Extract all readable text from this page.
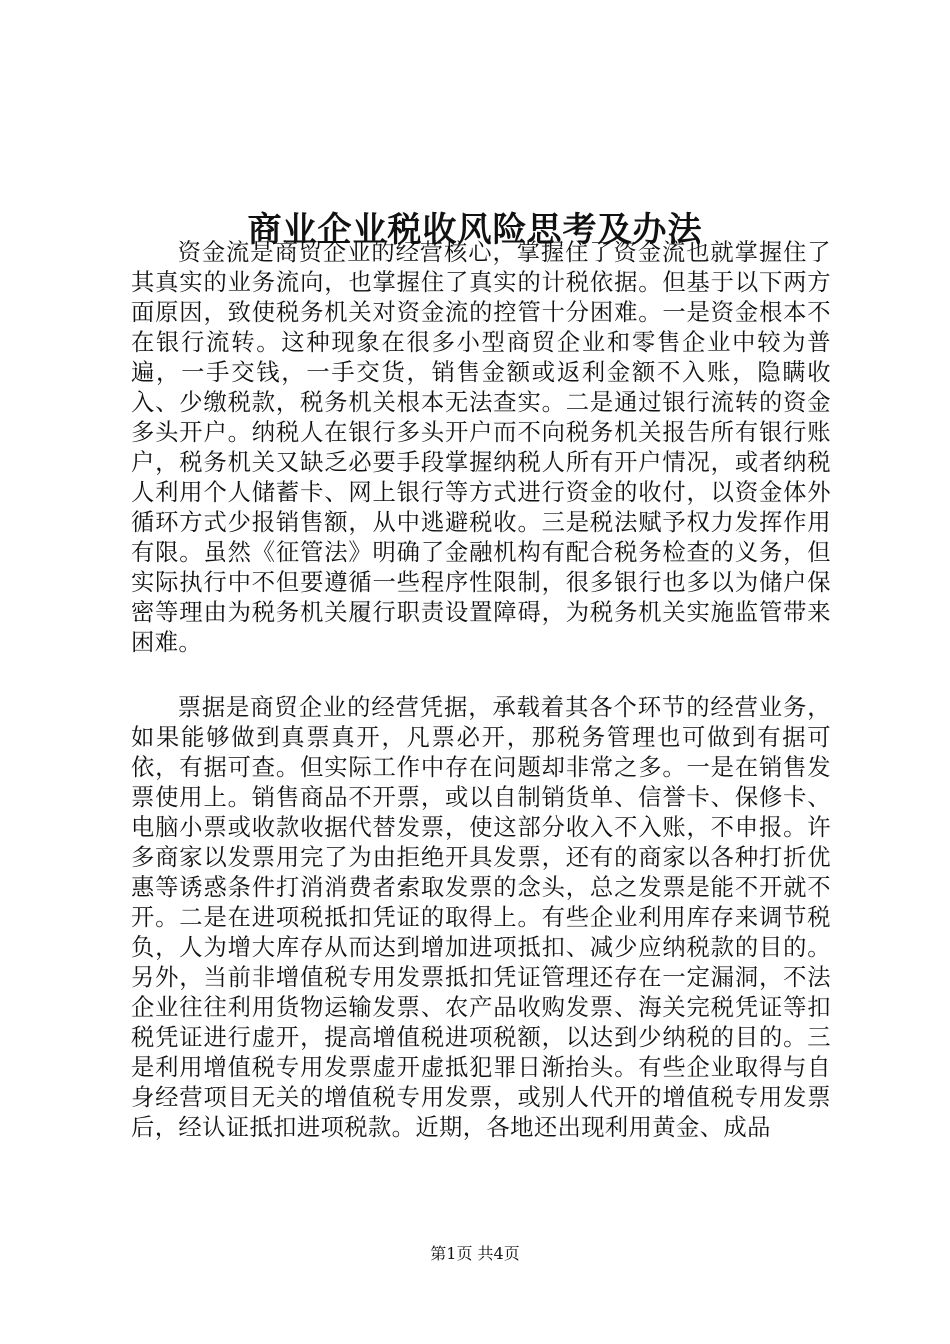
商业企业税收风险思考及办法

资金流是商贸企业的经营核心，掌握住了资金流也就掌握住了其真实的业务流向，也掌握住了真实的计税依据。但基于以下两方面原因，致使税务机关对资金流的控管十分困难。一是资金根本不在银行流转。这种现象在很多小型商贸企业和零售企业中较为普遍，一手交钱，一手交货，销售金额或返利金额不入账，隐瞒收入、少缴税款，税务机关根本无法查实。二是通过银行流转的资金多头开户。纳税人在银行多头开户而不向税务机关报告所有银行账户，税务机关又缺乏必要手段掌握纳税人所有开户情况，或者纳税人利用个人储蓄卡、网上银行等方式进行资金的收付，以资金体外循环方式少报销售额，从中逃避税收。三是税法赋予权力发挥作用有限。虽然《征管法》明确了金融机构有配合税务检查的义务，但实际执行中不但要遵循一些程序性限制，很多银行也多以为储户保密等理由为税务机关履行职责设置障碍，为税务机关实施监管带来困难。

票据是商贸企业的经营凭据，承载着其各个环节的经营业务，如果能够做到真票真开，凡票必开，那税务管理也可做到有据可依，有据可查。但实际工作中存在问题却非常之多。一是在销售发票使用上。销售商品不开票，或以自制销货单、信誉卡、保修卡、电脑小票或收款收据代替发票，使这部分收入不入账，不申报。许多商家以发票用完了为由拒绝开具发票，还有的商家以各种打折优惠等诱惑条件打消消费者索取发票的念头，总之发票是能不开就不开。二是在进项税抵扣凭证的取得上。有些企业利用库存来调节税负，人为增大库存从而达到增加进项抵扣、减少应纳税款的目的。另外，当前非增值税专用发票抵扣凭证管理还存在一定漏洞，不法企业往往利用货物运输发票、农产品收购发票、海关完税凭证等扣税凭证进行虚开，提高增值税进项税额，以达到少纳税的目的。三是利用增值税专用发票虚开虚抵犯罪日渐抬头。有些企业取得与自身经营项目无关的增值税专用发票，或别人代开的增值税专用发票后，经认证抵扣进项税款。近期，各地还出现利用黄金、成品

第1页 共4页
